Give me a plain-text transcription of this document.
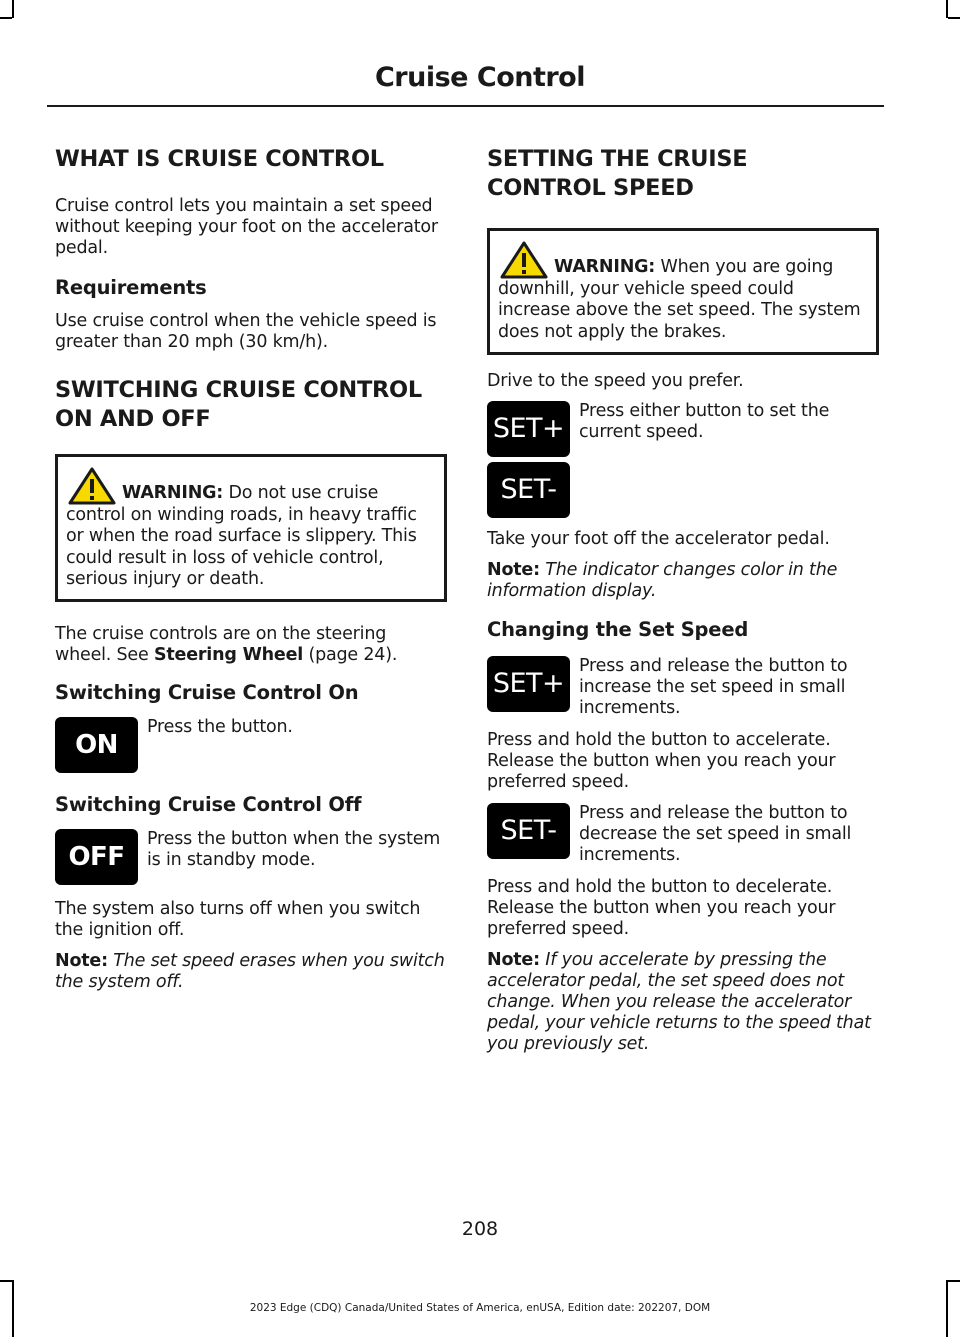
Cruise Control
WHAT IS CRUISE CONTROL

Cruise control lets you maintain a set speed without keeping your foot on the accelerator pedal.

Requirements

Use cruise control when the vehicle speed is greater than 20 mph (30 km/h).

SWITCHING CRUISE CONTROL
ON AND OFF

WARNING: Do not use cruise control on winding roads, in heavy traffic or when the road surface is slippery. This could result in loss of vehicle control, serious injury or death.

The cruise controls are on the steering wheel. See Steering Wheel (page 24).

Switching Cruise Control On
ON

Press the button.

Switching Cruise Control Off
OFF

Press the button when the system is in standby mode.

The system also turns off when you switch the ignition off.

Note: The set speed erases when you switch the system off.

SETTING THE CRUISE
CONTROL SPEED

WARNING: When you are going downhill, your vehicle speed could increase above the set speed. The system does not apply the brakes.

Drive to the speed you prefer.

SET+
SET-

Press either button to set the current speed.

Take your foot off the accelerator pedal.

Note: The indicator changes color in the information display.

Changing the Set Speed
SET+

Press and release the button to increase the set speed in small increments.

Press and hold the button to accelerate. Release the button when you reach your preferred speed.

SET-

Press and release the button to decrease the set speed in small increments.

Press and hold the button to decelerate. Release the button when you reach your preferred speed.

Note: If you accelerate by pressing the accelerator pedal, the set speed does not change. When you release the accelerator pedal, your vehicle returns to the speed that you previously set.

208
2023 Edge (CDQ) Canada/United States of America, enUSA, Edition date: 202207, DOM
